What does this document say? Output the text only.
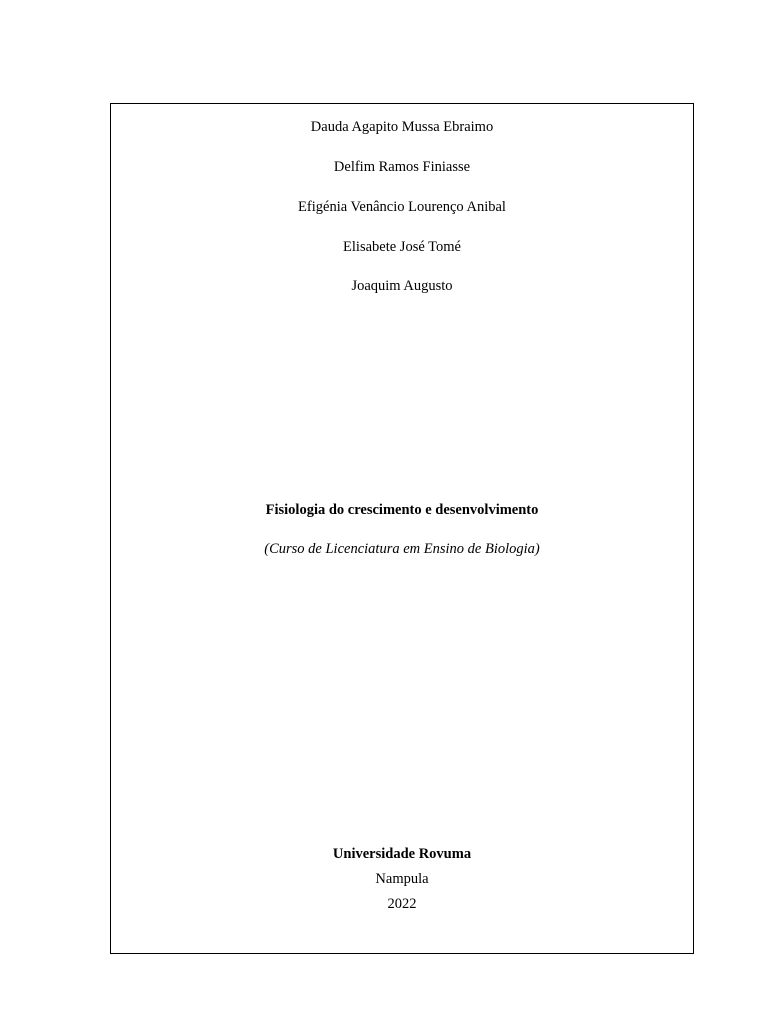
Dauda Agapito Mussa Ebraimo
Delfim Ramos Finiasse
Efigénia Venâncio Lourenço Anibal
Elisabete José Tomé
Joaquim Augusto
Fisiologia do crescimento e desenvolvimento
(Curso de Licenciatura em Ensino de Biologia)
Universidade Rovuma
Nampula
2022
